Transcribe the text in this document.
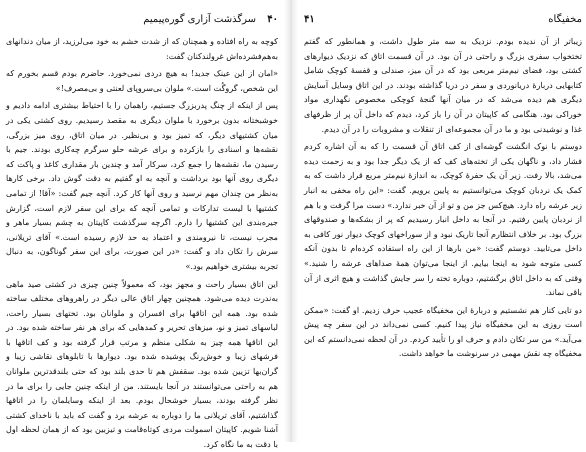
۴۰
سرگذشت آزاری گوره‌پیمیم

کوچه به راه افتاده و همچنان که از شدت خشم به خود می‌لرزید، از میان دندانهای به‌هم‌فشرده‌اش غرولندکنان گفت:

«امان از این عینک جدید! به هیچ دردی نمی‌خورد. حاضرم بودم قسم بخورم که این شخص، گروگُت است.» ملوان بی‌سروپای لعنتی و بی‌مصرف!»

پس از اینکه از چنگ پدربزرگ جستیم، راهمان را با احتیاط بیشتری ادامه دادیم و خوشبختانه بدون برخورد با ملوان دیگری به مقصد رسیدیم. روی کشتی یکی در میان کشتیهای دیگر، که تمیز بود و بی‌نظیر. در میان اتاق، روی میز بزرگی، نقشه‌ها و اسنادی را بازکرده و برای عرشه حلو سرگرم چه‌کاری بودند. جیم با رسیدن ما، نقشه‌ها را جمع کرد، سرکار آمد و چندین بار مقداری کاغذ و پاکت که دیگری روی آنها بود برداشت و آنچه به او گفتیم به دقت گوش داد. برخی کارها به‌نظر من چندان مهم نرسید و روی آنها کار کرد. آنچه جیم گفت: «آقا! از تمامی کشتیها با لیست تدارکات و تمامی آنچه که برای این سفر لازم است، گزارش جیره‌بندی این کشتیها را دارم. اگرچه سرگذشت کاپیتان به چشم بسیار ماهر و مجرب نیست، تا نیرومندی و اعتماد به حد لازم رسیده است.» آقای تریلانی، سرش را تکان داد و گفت: «در این صورت، برای این سفر گوناگون، به دنبال تجربه بیشتری خواهیم بود.»

این اتاق بسیار راحت و مجهز بود، که معمولاً چنین چیزی در کشتی صید ماهی به‌ندرت دیده می‌شود. همچنین چهار اتاق عالی دیگر در راهروهای مختلف ساخته شده بود. همه این اتاقها برای افسران و ملوانان بود. تختهای بسیار راحت، لباسهای تمیز و نو، میزهای تحریر و کمدهایی که برای هر نفر ساخته شده بود. در این اتاقها همه چیز به شکلی منظم و مرتب قرار گرفته بود و کف اتاقها با فرشهای زیبا و خوش‌رنگ پوشیده شده بود. دیوارها با تابلوهای نقاشی زیبا و گران‌بها تزیین شده بود. سقفش هم تا حدی بلند بود که حتی بلندقدترین ملوانان هم به راحتی می‌توانستند در آنجا بایستند. من از اینکه چنین جایی را برای ما در نظر گرفته بودند، بسیار خوشحال بودم. بعد از اینکه وسایلمان را در اتاقها گذاشتیم، آقای تریلانی ما را دوباره به عرشه برد و گفت که باید با ناخدای کشتی آشنا شویم. کاپیتان اسمولت مردی کوتاه‌قامت و تیزبین بود که از همان لحظه اول با دقت به ما نگاه کرد.

مخفیگاه
۴۱

زیبا‌تر از آن ندیده بودم. نزدیک به سه متر طول داشت، و همانطور که گفتم تختخواب سفری بزرگ و راحتی در آن بود. در آن قسمت اتاق که نزدیک دیوارهای کشتی بود، فضای نیم‌متر مربعی بود که در آن میز، صندلی و قفسهٔ کوچک شامل کتابهایی دربارهٔ دریانوردی و سفر در دریا گذاشته بودند. در این اتاق وسایل آسایش دیگری هم دیده می‌شد که در میان آنها گنجهٔ کوچکی مخصوص نگهداری مواد خوراکی بود. هنگامی که کاپیتان در آن را باز کرد، دیدم که داخل آن پر از ظرفهای غذا و نوشیدنی بود و ما در آن مجموعه‌ای از تنقلات و مشروبات را در آن دیدم.

دوستم با نوک انگشت گوشه‌ای از کف اتاق آن قسمت را که به آن اشاره کردم فشار داد، و ناگهان یکی از تخته‌های کف که از یک دیگر جدا بود و به زحمت دیده می‌شد، بالا رفت. زیر آن یک حفرهٔ کوچک، به اندازهٔ نیم‌متر مربع قرار داشت که به کمک یک نردبان کوچک می‌توانستیم به پایین برویم. گفت: «این راه مخفی به انبار زیر عرشه راه دارد. هیچ‌کس جز من و تو از آن خبر ندارد.» دست مرا گرفت و با هم از نردبان پایین رفتیم. در آنجا به داخل انبار رسیدیم که پر از بشکه‌ها و صندوقهای بزرگ بود. بر خلاف انتظارم آنجا تاریک نبود و از سوراخهای کوچک دیوار نور کافی به داخل می‌تابید. دوستم گفت: «من بارها از این راه استفاده کرده‌ام تا بدون آنکه کسی متوجه شود به اینجا بیایم. از اینجا می‌توان همهٔ صداهای عرشه را شنید.» وقتی که به داخل اتاق برگشتیم، دوباره تخته را سر جایش گذاشت و هیچ اثری از آن باقی نماند.

دو تایی کنار هم نشستیم و دربارهٔ این مخفیگاه عجیب حرف زدیم. او گفت: «ممکن است روزی به این مخفیگاه نیاز پیدا کنیم. کسی نمی‌داند در این سفر چه پیش می‌آید.» من سر تکان دادم و حرف او را تأیید کردم. در آن لحظه نمی‌دانستم که این مخفیگاه چه نقش مهمی در سرنوشت ما خواهد داشت.
